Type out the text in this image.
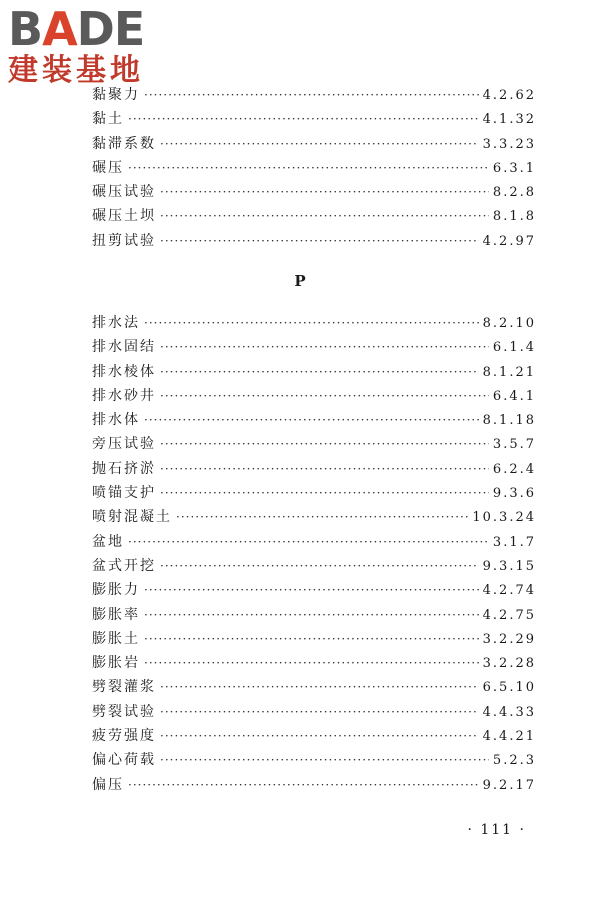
BADE
建装基地
黏聚力 ·····	4.2.62
黏土 ·····	4.1.32
黏滞系数 ·····	3.3.23
碾压 ·····	6.3.1
碾压试验 ·····	8.2.8
碾压土坝 ·····	8.1.8
扭剪试验 ·····	4.2.97
P
排水法 ·····	8.2.10
排水固结 ·····	6.1.4
排水棱体 ·····	8.1.21
排水砂井 ·····	6.4.1
排水体 ·····	8.1.18
旁压试验 ·····	3.5.7
抛石挤淤 ·····	6.2.4
喷锚支护 ·····	9.3.6
喷射混凝土 ·····	10.3.24
盆地 ·····	3.1.7
盆式开挖 ·····	9.3.15
膨胀力 ·····	4.2.74
膨胀率 ·····	4.2.75
膨胀土 ·····	3.2.29
膨胀岩 ·····	3.2.28
劈裂灌浆 ·····	6.5.10
劈裂试验 ·····	4.4.33
疲劳强度 ·····	4.4.21
偏心荷载 ·····	5.2.3
偏压 ·····	9.2.17
· 111 ·
